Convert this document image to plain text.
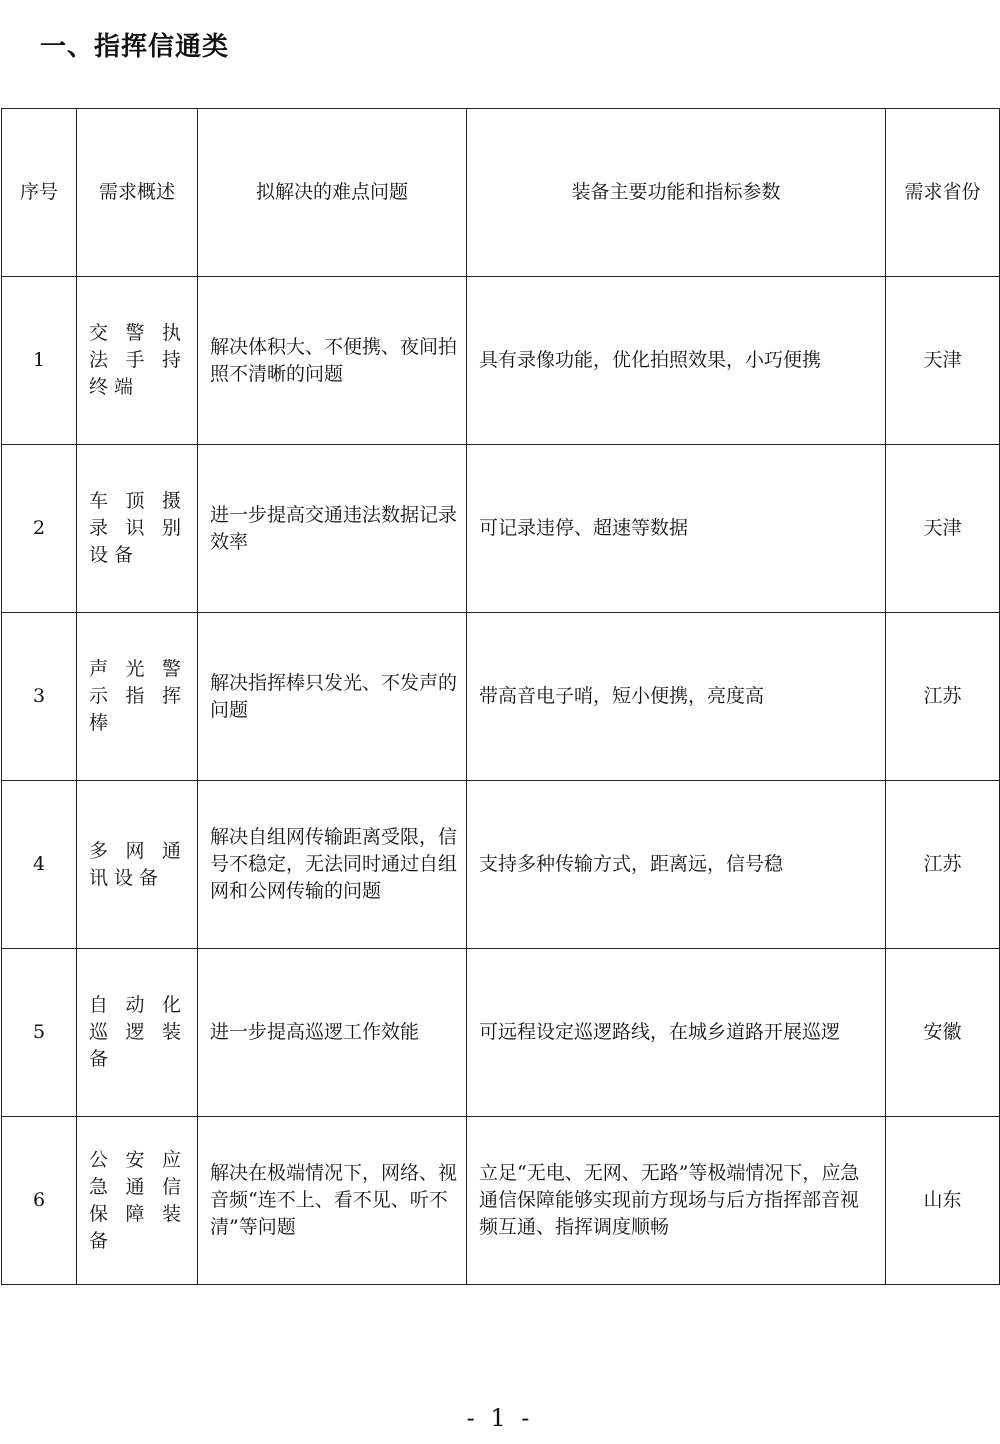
一、指挥信通类
序号	需求概述	拟解决的难点问题	装备主要功能和指标参数	需求省份
1	交警执法手持终端	解决体积大、不便携、夜间拍照不清晰的问题	具有录像功能，优化拍照效果，小巧便携	天津
2	车顶摄录识别设备	进一步提高交通违法数据记录效率	可记录违停、超速等数据	天津
3	声光警示指挥棒	解决指挥棒只发光、不发声的问题	带高音电子哨，短小便携，亮度高	江苏
4	多网通讯设备	解决自组网传输距离受限，信号不稳定，无法同时通过自组网和公网传输的问题	支持多种传输方式，距离远，信号稳	江苏
5	自动化巡逻装备	进一步提高巡逻工作效能	可远程设定巡逻路线，在城乡道路开展巡逻	安徽
6	公安应急通信保障装备	解决在极端情况下，网络、视音频“连不上、看不见、听不清”等问题	立足“无电、无网、无路”等极端情况下，应急通信保障能够实现前方现场与后方指挥部音视频互通、指挥调度顺畅	山东
- 1 -
